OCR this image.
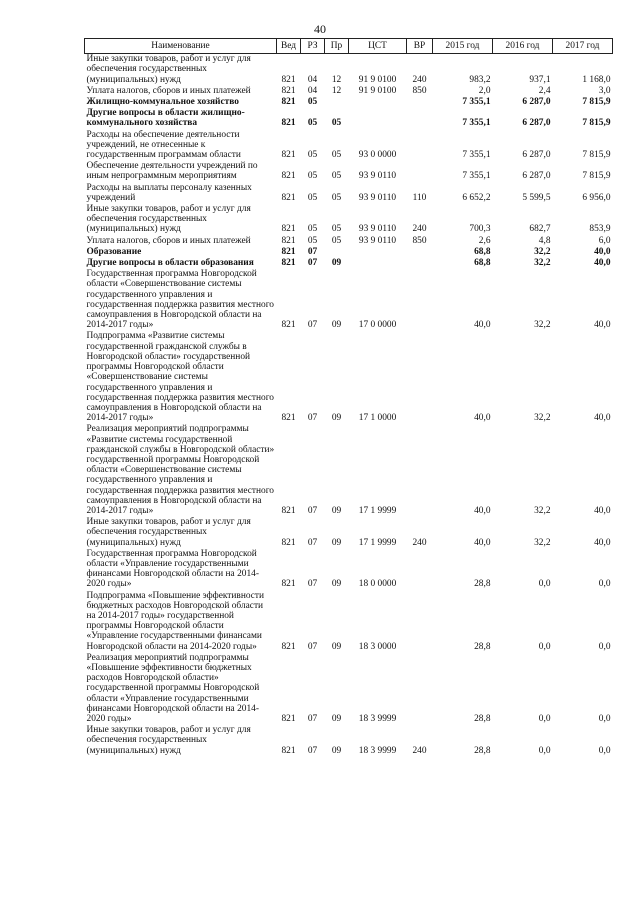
40
Наименование	Вед	РЗ	Пр	ЦСТ	ВР	2015 год	2016 год	2017 год
Иные закупки товаров, работ и услуг для обеспечения государственных (муниципальных) нужд	821	04	12	91 9 0100	240	983,2	937,1	1 168,0
Уплата налогов, сборов и иных платежей	821	04	12	91 9 0100	850	2,0	2,4	3,0
Жилищно-коммунальное хозяйство	821	05				7 355,1	6 287,0	7 815,9
Другие вопросы в области жилищно-коммунального хозяйства	821	05	05			7 355,1	6 287,0	7 815,9
Расходы на обеспечение деятельности учреждений, не отнесенные к государственным программам области	821	05	05	93 0 0000		7 355,1	6 287,0	7 815,9
Обеспечение деятельности учреждений по иным непрограммным мероприятиям	821	05	05	93 9 0110		7 355,1	6 287,0	7 815,9
Расходы на выплаты персоналу казенных учреждений	821	05	05	93 9 0110	110	6 652,2	5 599,5	6 956,0
Иные закупки товаров, работ и услуг для обеспечения государственных (муниципальных) нужд	821	05	05	93 9 0110	240	700,3	682,7	853,9
Уплата налогов, сборов и иных платежей	821	05	05	93 9 0110	850	2,6	4,8	6,0
Образование	821	07				68,8	32,2	40,0
Другие вопросы в области образования	821	07	09			68,8	32,2	40,0
Государственная программа Новгородской области «Совершенствование системы государственного управления и государственная поддержка развития местного самоуправления в Новгородской области на 2014-2017 годы»	821	07	09	17 0 0000		40,0	32,2	40,0
Подпрограмма «Развитие системы государственной гражданской службы в Новгородской области» государственной программы Новгородской области «Совершенствование системы государственного управления и государственная поддержка развития местного самоуправления в Новгородской области на 2014-2017 годы»	821	07	09	17 1 0000		40,0	32,2	40,0
Реализация мероприятий подпрограммы «Развитие системы государственной гражданской службы в Новгородской области» государственной программы Новгородской области «Совершенствование системы государственного управления и государственная поддержка развития местного самоуправления в Новгородской области на 2014-2017 годы»	821	07	09	17 1 9999		40,0	32,2	40,0
Иные закупки товаров, работ и услуг для обеспечения государственных (муниципальных) нужд	821	07	09	17 1 9999	240	40,0	32,2	40,0
Государственная программа Новгородской области «Управление государственными финансами Новгородской области на 2014-2020 годы»	821	07	09	18 0 0000		28,8	0,0	0,0
Подпрограмма «Повышение эффективности бюджетных расходов Новгородской области на 2014-2017 годы» государственной программы Новгородской области «Управление государственными финансами Новгородской области на 2014-2020 годы»	821	07	09	18 3 0000		28,8	0,0	0,0
Реализация мероприятий подпрограммы «Повышение эффективности бюджетных расходов Новгородской области» государственной программы Новгородской области «Управление государственными финансами Новгородской области на 2014-2020 годы»	821	07	09	18 3 9999		28,8	0,0	0,0
Иные закупки товаров, работ и услуг для обеспечения государственных (муниципальных) нужд	821	07	09	18 3 9999	240	28,8	0,0	0,0
